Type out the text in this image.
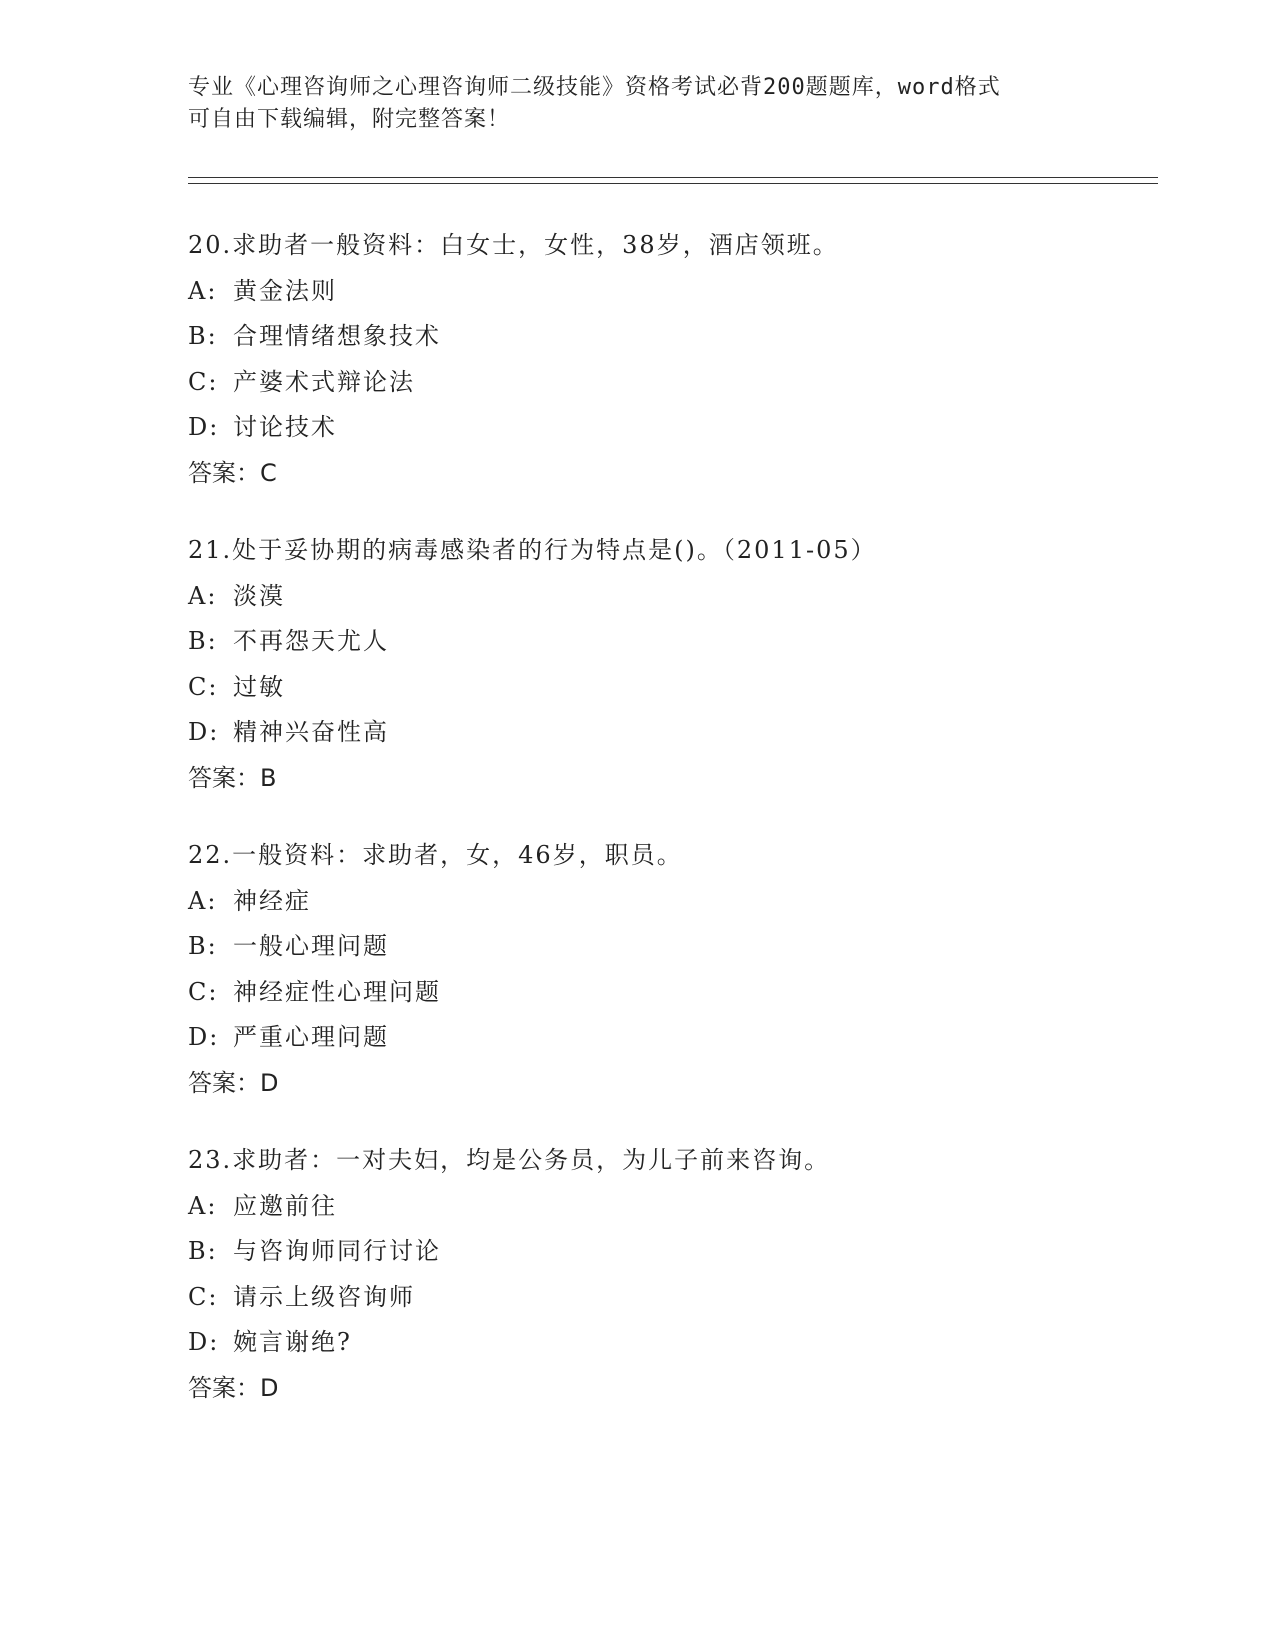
专业《心理咨询师之心理咨询师二级技能》资格考试必背200题题库，word格式
可自由下载编辑，附完整答案！
20.求助者一般资料：白女士，女性，38岁，酒店领班。
A: 黄金法则
B: 合理情绪想象技术
C: 产婆术式辩论法
D: 讨论技术
答案：C
21.处于妥协期的病毒感染者的行为特点是()。（2011-05）
A: 淡漠
B: 不再怨天尤人
C: 过敏
D: 精神兴奋性高
答案：B
22.一般资料：求助者，女，46岁，职员。
A: 神经症
B: 一般心理问题
C: 神经症性心理问题
D: 严重心理问题
答案：D
23.求助者：一对夫妇，均是公务员，为儿子前来咨询。
A: 应邀前往
B: 与咨询师同行讨论
C: 请示上级咨询师
D: 婉言谢绝?
答案：D
